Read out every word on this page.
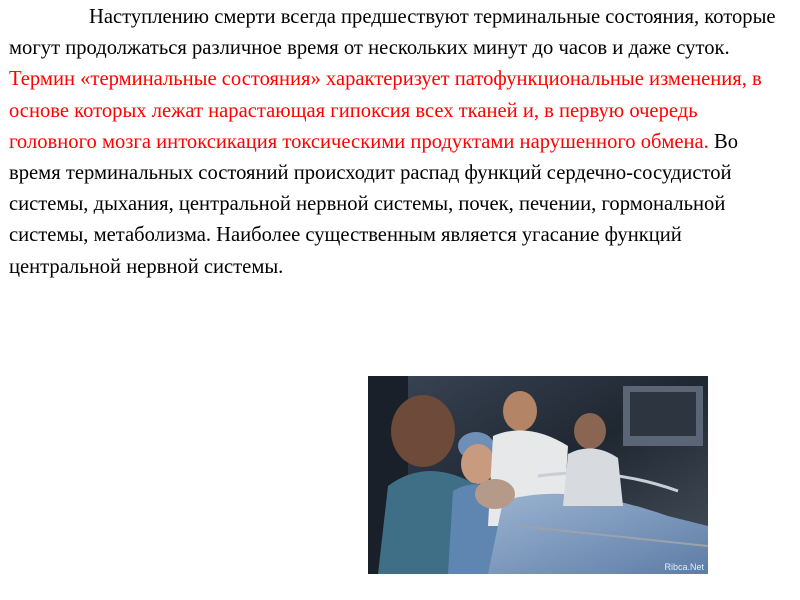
Наступлению смерти всегда предшествуют терминальные состояния, которые могут продолжаться различное время от нескольких минут до часов и даже суток.

Термин «терминальные состояния» характеризует патофункциональные изменения, в основе которых лежат нарастающая гипоксия всех тканей и, в первую очередь головного мозга интоксикация токсическими продуктами нарушенного обмена. Во время терминальных состояний происходит распад функций сердечно-сосудистой системы, дыхания, центральной нервной системы, почек, печении, гормональной системы, метаболизма. Наиболее существенным является угасание функций центральной нервной системы.

Ribca.Net
